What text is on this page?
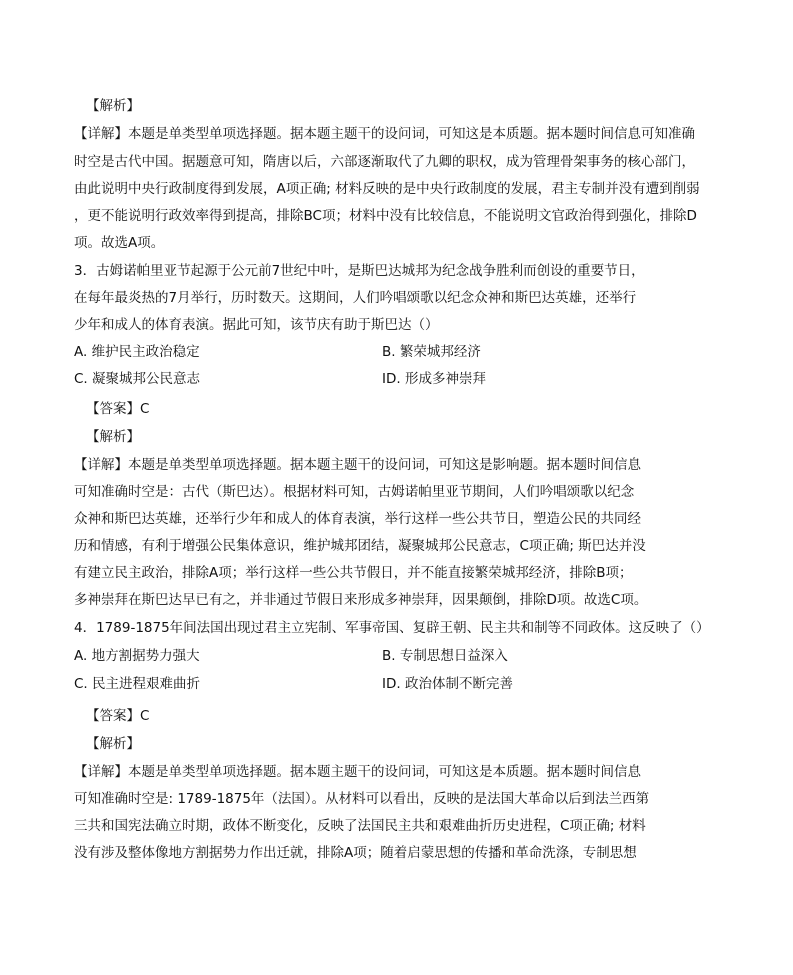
【解析】
【详解】本题是单类型单项选择题。据本题主题干的设问词，可知这是本质题。据本题时间信息可知准确
时空是古代中国。据题意可知，隋唐以后，六部逐渐取代了九卿的职权，成为管理骨架事务的核心部门，
由此说明中央行政制度得到发展，A项正确; 材料反映的是中央行政制度的发展，君主专制并没有遭到削弱
，更不能说明行政效率得到提高，排除BC项；材料中没有比较信息，不能说明文官政治得到强化，排除D
项。故选A项。
3．古姆诺帕里亚节起源于公元前7世纪中叶，是斯巴达城邦为纪念战争胜利而创设的重要节日，
在每年最炎热的7月举行，历时数天。这期间，人们吟唱颂歌以纪念众神和斯巴达英雄，还举行
少年和成人的体育表演。据此可知，该节庆有助于斯巴达（）
A. 维护民主政治稳定	B. 繁荣城邦经济
C. 凝聚城邦公民意志	ID. 形成多神崇拜
【答案】C
【解析】
【详解】本题是单类型单项选择题。据本题主题干的设问词，可知这是影响题。据本题时间信息
可知准确时空是：古代（斯巴达）。根据材料可知，古姆诺帕里亚节期间，人们吟唱颂歌以纪念
众神和斯巴达英雄，还举行少年和成人的体育表演，举行这样一些公共节日，塑造公民的共同经
历和情感，有利于增强公民集体意识，维护城邦团结，凝聚城邦公民意志，C项正确; 斯巴达并没
有建立民主政治，排除A项；举行这样一些公共节假日，并不能直接繁荣城邦经济，排除B项；
多神崇拜在斯巴达早已有之，并非通过节假日来形成多神崇拜，因果颠倒，排除D项。故选C项。
4．1789-1875年间法国出现过君主立宪制、军事帝国、复辟王朝、民主共和制等不同政体。这反映了（）
A. 地方割据势力强大	B. 专制思想日益深入
C. 民主进程艰难曲折	ID. 政治体制不断完善
【答案】C
【解析】
【详解】本题是单类型单项选择题。据本题主题干的设问词，可知这是本质题。据本题时间信息
可知准确时空是: 1789-1875年（法国）。从材料可以看出，反映的是法国大革命以后到法兰西第
三共和国宪法确立时期，政体不断变化，反映了法国民主共和艰难曲折历史进程，C项正确; 材料
没有涉及整体像地方割据势力作出迁就，排除A项；随着启蒙思想的传播和革命洗涤，专制思想
